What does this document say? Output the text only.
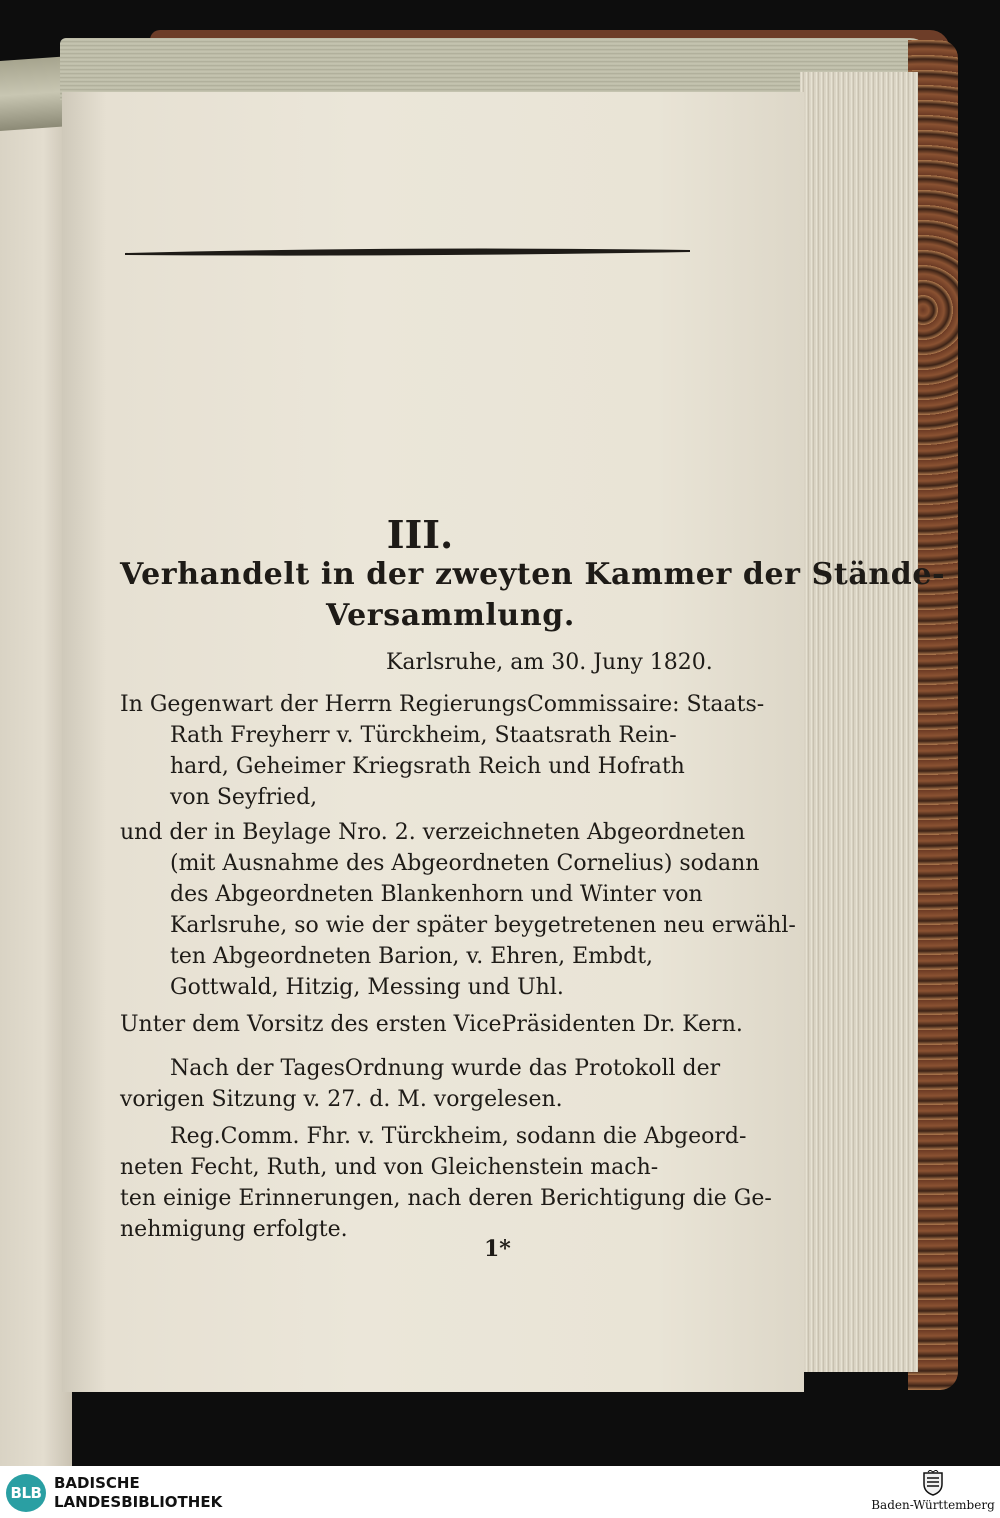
III.
Verhandelt in der zweyten Kammer der Stände-
Versammlung.
Karlsruhe, am 30. Juny 1820.
In Gegenwart der Herrn RegierungsCommissaire: Staats-
Rath Freyherr v. Türckheim, Staatsrath Rein-
hard, Geheimer Kriegsrath Reich und Hofrath
von Seyfried,
und der in Beylage Nro. 2. verzeichneten Abgeordneten
(mit Ausnahme des Abgeordneten Cornelius) sodann
des Abgeordneten Blankenhorn und Winter von
Karlsruhe, so wie der später beygetretenen neu erwähl-
ten Abgeordneten Barion, v. Ehren, Embdt,
Gottwald, Hitzig, Messing und Uhl.
Unter dem Vorsitz des ersten VicePräsidenten Dr. Kern.
Nach der TagesOrdnung wurde das Protokoll der
vorigen Sitzung v. 27. d. M. vorgelesen.
Reg.Comm. Fhr. v. Türckheim, sodann die Abgeord-
neten Fecht, Ruth, und von Gleichenstein mach-
ten einige Erinnerungen, nach deren Berichtigung die Ge-
nehmigung erfolgte.
1*
BLB
BADISCHE
LANDESBIBLIOTHEK	Baden-Württemberg
